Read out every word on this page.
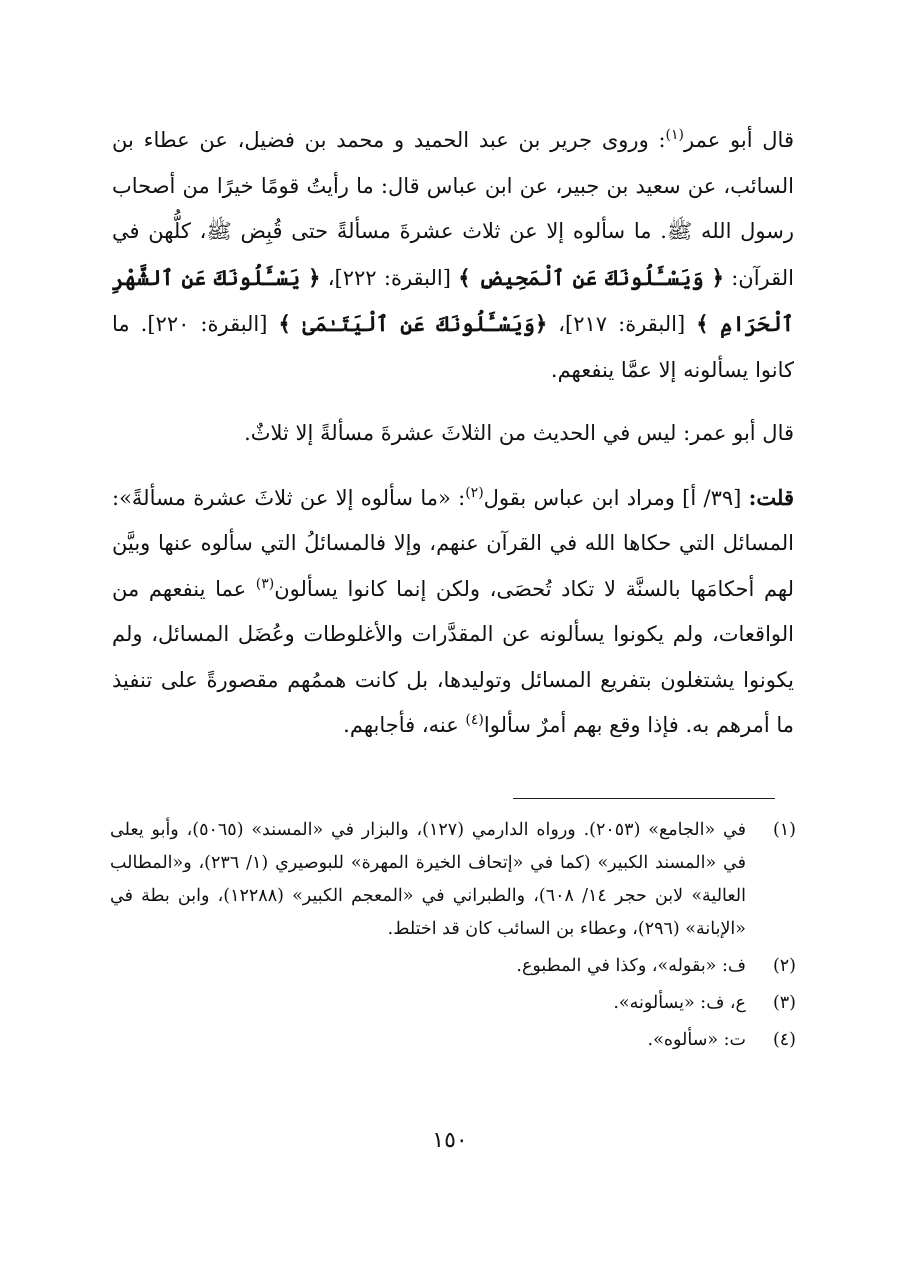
قال أبو عمر$^{(١)}$: وروى جرير بن عبد الحميد و محمد بن فضيل، عن عطاء بن السائب، عن سعيد بن جبير، عن ابن عباس قال: ما رأيتُ قومًا خيرًا من أصحاب رسول الله ﷺ. ما سألوه إلا عن ثلاث عشرةَ مسألةً حتى قُبِض ﷺ، كلُّهن في القرآن: ﴿ وَيَسْـَٔلُونَكَ عَنِ ٱلْمَحِيضِ ﴾ [البقرة: ٢٢٢]، ﴿ يَسْـَٔلُونَكَ عَنِ ٱلشَّهْرِ ٱلْحَرَامِ ﴾ [البقرة: ٢١٧]، ﴿وَيَسْـَٔلُونَكَ عَنِ ٱلْيَتَـٰمَىٰ ﴾ [البقرة: ٢٢٠]. ما كانوا يسألونه إلا عمَّا ينفعهم.

قال أبو عمر: ليس في الحديث من الثلاثَ عشرةَ مسألةً إلا ثلاثٌ.

قلت: [٣٩/ أ] ومراد ابن عباس بقول$^{(٢)}$: «ما سألوه إلا عن ثلاثَ عشرة مسألةً»: المسائل التي حكاها الله في القرآن عنهم، وإلا فالمسائلُ التي سألوه عنها وبيَّن لهم أحكامَها بالسنَّة لا تكاد تُحصَى، ولكن إنما كانوا يسألون$^{(٣)}$ عما ينفعهم من الواقعات، ولم يكونوا يسألونه عن المقدَّرات والأغلوطات وعُضَل المسائل، ولم يكونوا يشتغلون بتفريع المسائل وتوليدها، بل كانت هممُهم مقصورةً على تنفيذ ما أمرهم به. فإذا وقع بهم أمرٌ سألوا$^{(٤)}$ عنه، فأجابهم.

(١)
في «الجامع» (٢٠٥٣). ورواه الدارمي (١٢٧)، والبزار في «المسند» (٥٠٦٥)، وأبو يعلى في «المسند الكبير» (كما في «إتحاف الخيرة المهرة» للبوصيري (١/ ٢٣٦)، و«المطالب العالية» لابن حجر ١٤/ ٦٠٨)، والطبراني في «المعجم الكبير» (١٢٢٨٨)، وابن بطة في «الإبانة» (٢٩٦)، وعطاء بن السائب كان قد اختلط.
(٢)
ف: «بقوله»، وكذا في المطبوع.
(٣)
ع، ف: «يسألونه».
(٤)
ت: «سألوه».
١٥٠
